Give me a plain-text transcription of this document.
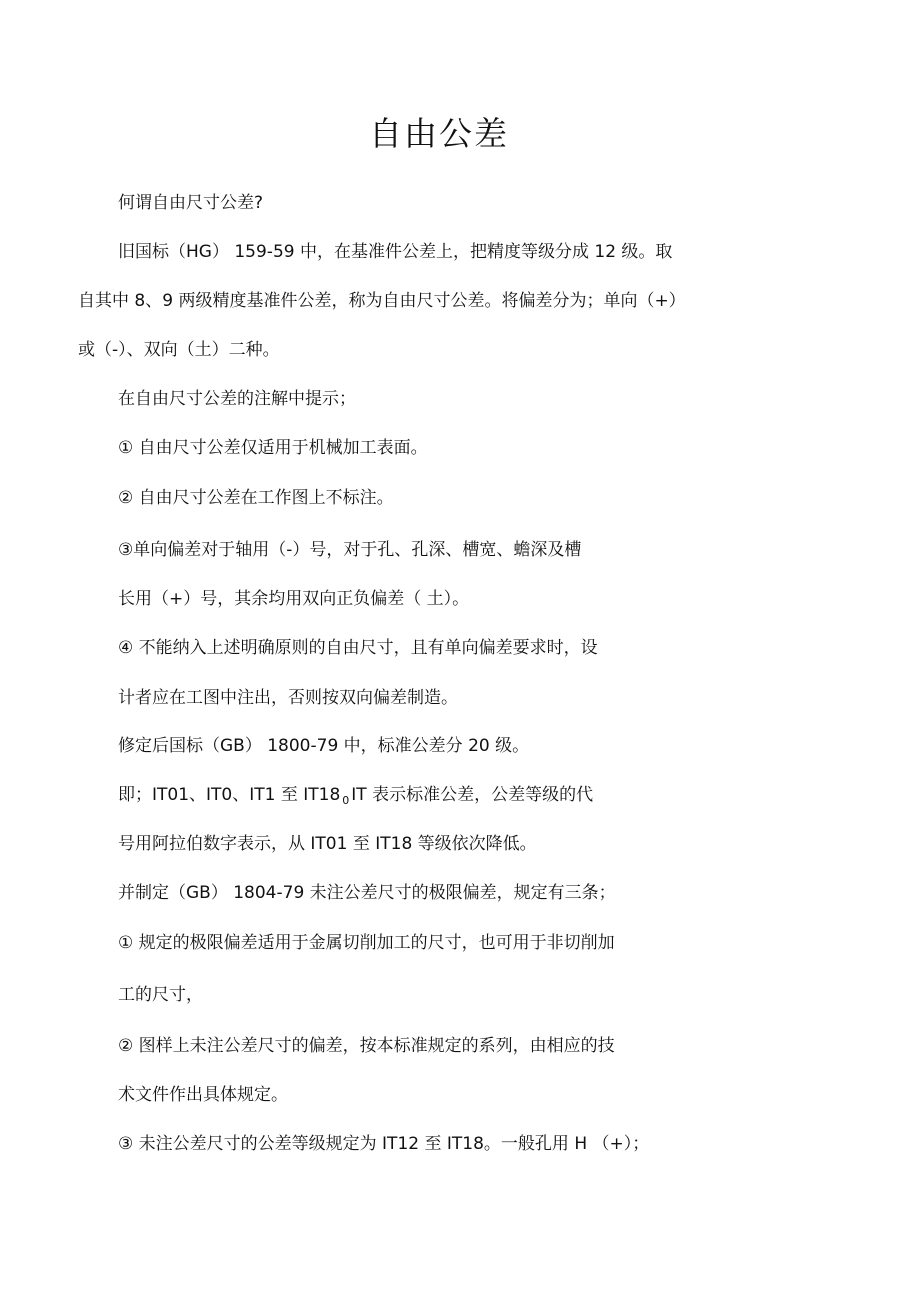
自由公差
何谓自由尺寸公差?
旧国标（HG） 159-59 中，在基准件公差上，把精度等级分成 12 级。取
自其中 8、9 两级精度基准件公差，称为自由尺寸公差。将偏差分为；单向（+）
或（-）、双向（土）二种。
在自由尺寸公差的注解中提示；
① 自由尺寸公差仅适用于机械加工表面。
② 自由尺寸公差在工作图上不标注。
③单向偏差对于轴用（-）号，对于孔、孔深、槽宽、蟾深及槽
长用（+）号，其余均用双向正负偏差（ 土）。
④ 不能纳入上述明确原则的自由尺寸，且有单向偏差要求时，设
计者应在工图中注出，否则按双向偏差制造。
修定后国标（GB） 1800-79 中，标准公差分 20 级。
即；IT01、IT0、IT1 至 IT18 $_0$ IT 表示标准公差，公差等级的代
号用阿拉伯数字表示，从 IT01 至 IT18 等级依次降低。
并制定（GB） 1804-79 未注公差尺寸的极限偏差，规定有三条；
① 规定的极限偏差适用于金属切削加工的尺寸，也可用于非切削加
工的尺寸，
② 图样上未注公差尺寸的偏差，按本标准规定的系列，由相应的技
术文件作出具体规定。
③ 未注公差尺寸的公差等级规定为 IT12 至 IT18。一般孔用 H （+）；
